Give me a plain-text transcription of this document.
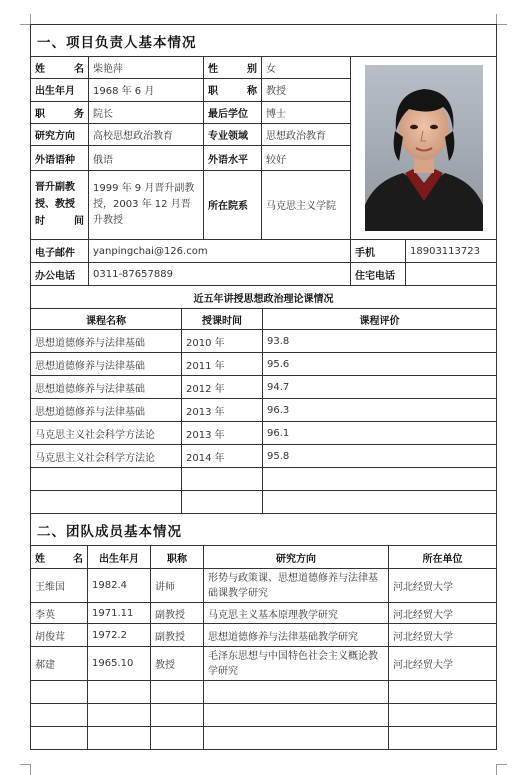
一、项目负责人基本情况					
姓　　名	柴艳萍	性　　别	女	

出生年月	1968 年 6 月	职　　称	教授		
职　　务	院长	最后学位	博士		
研究方向	高校思想政治教育	专业领域	思想政治教育		
外语语种	俄语	外语水平	较好		

晋升副教
授、教授
时　　间	1999 年 9 月晋升副教授，2003 年 12 月晋升教授	所在院系	马克思主义学院		
电子邮件	yanpingchai@126.com			手机	18903113723
办公电话	0311-87657889			住宅电话	
近五年讲授思想政治理论课情况		
课程名称	授课时间	课程评价
思想道德修养与法律基础	2010 年	93.8
思想道德修养与法律基础	2011 年	95.6
思想道德修养与法律基础	2012 年	94.7
思想道德修养与法律基础	2013 年	96.3
马克思主义社会科学方法论	2013 年	96.1
马克思主义社会科学方法论	2014 年	95.8

二、团队成员基本情况				
姓　　名	出生年月	职称	研究方向	所在单位
王维国	1982.4	讲师	形势与政策课、思想道德修养与法律基础课教学研究	河北经贸大学
李英	1971.11	副教授	马克思主义基本原理教学研究	河北经贸大学
胡俊茸	1972.2	副教授	思想道德修养与法律基础教学研究	河北经贸大学
郝建	1965.10	教授	毛泽东思想与中国特色社会主义概论教学研究	河北经贸大学
